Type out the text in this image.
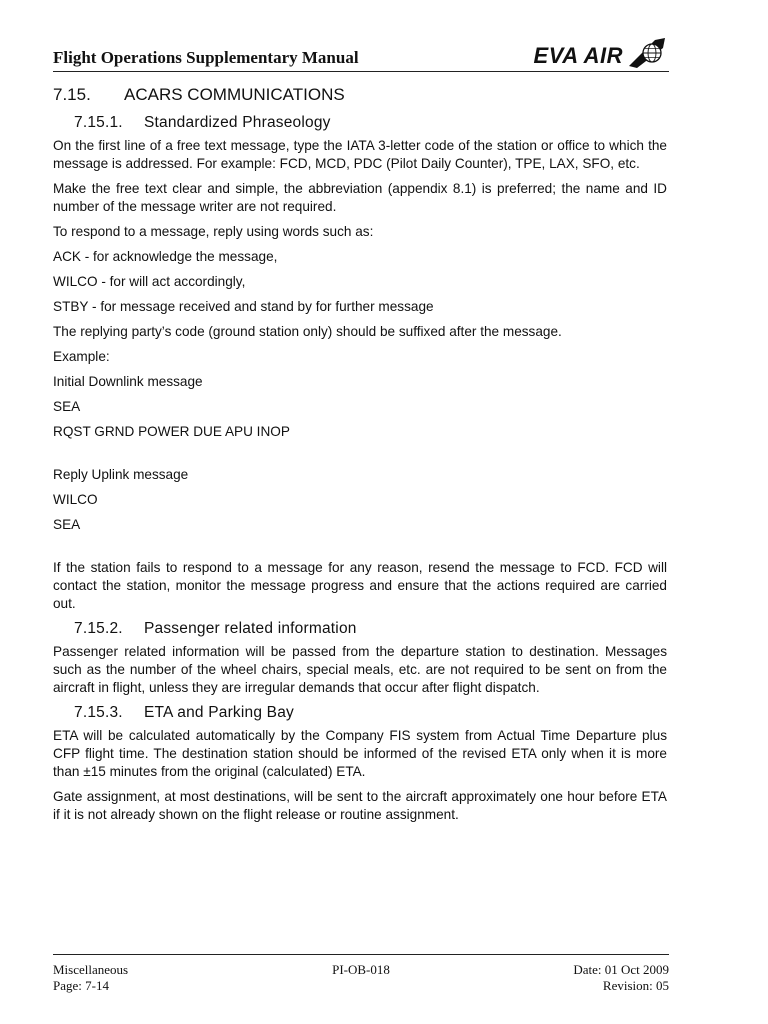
Flight Operations Supplementary Manual	EVA AIR
7.15.	ACARS COMMUNICATIONS
7.15.1.	Standardized Phraseology

On the first line of a free text message, type the IATA 3-letter code of the station or office to which the message is addressed. For example: FCD, MCD, PDC (Pilot Daily Counter), TPE, LAX, SFO, etc.

Make the free text clear and simple, the abbreviation (appendix 8.1) is preferred; the name and ID number of the message writer are not required.

To respond to a message, reply using words such as:

ACK - for acknowledge the message,

WILCO - for will act accordingly,

STBY - for message received and stand by for further message

The replying party’s code (ground station only) should be suffixed after the message.

Example:

Initial Downlink message

SEA

RQST GRND POWER DUE APU INOP

Reply Uplink message

WILCO

SEA

If the station fails to respond to a message for any reason, resend the message to FCD. FCD will contact the station, monitor the message progress and ensure that the actions required are carried out.

7.15.2.	Passenger related information

Passenger related information will be passed from the departure station to destination. Messages such as the number of the wheel chairs, special meals, etc. are not required to be sent on from the aircraft in flight, unless they are irregular demands that occur after flight dispatch.

7.15.3.	ETA and Parking Bay

ETA will be calculated automatically by the Company FIS system from Actual Time Departure plus CFP flight time. The destination station should be informed of the revised ETA only when it is more than ±15 minutes from the original (calculated) ETA.

Gate assignment, at most destinations, will be sent to the aircraft approximately one hour before ETA if it is not already shown on the flight release or routine assignment.

PI-OB-018
Miscellaneous	Date: 01 Oct 2009
Page: 7-14	Revision: 05
